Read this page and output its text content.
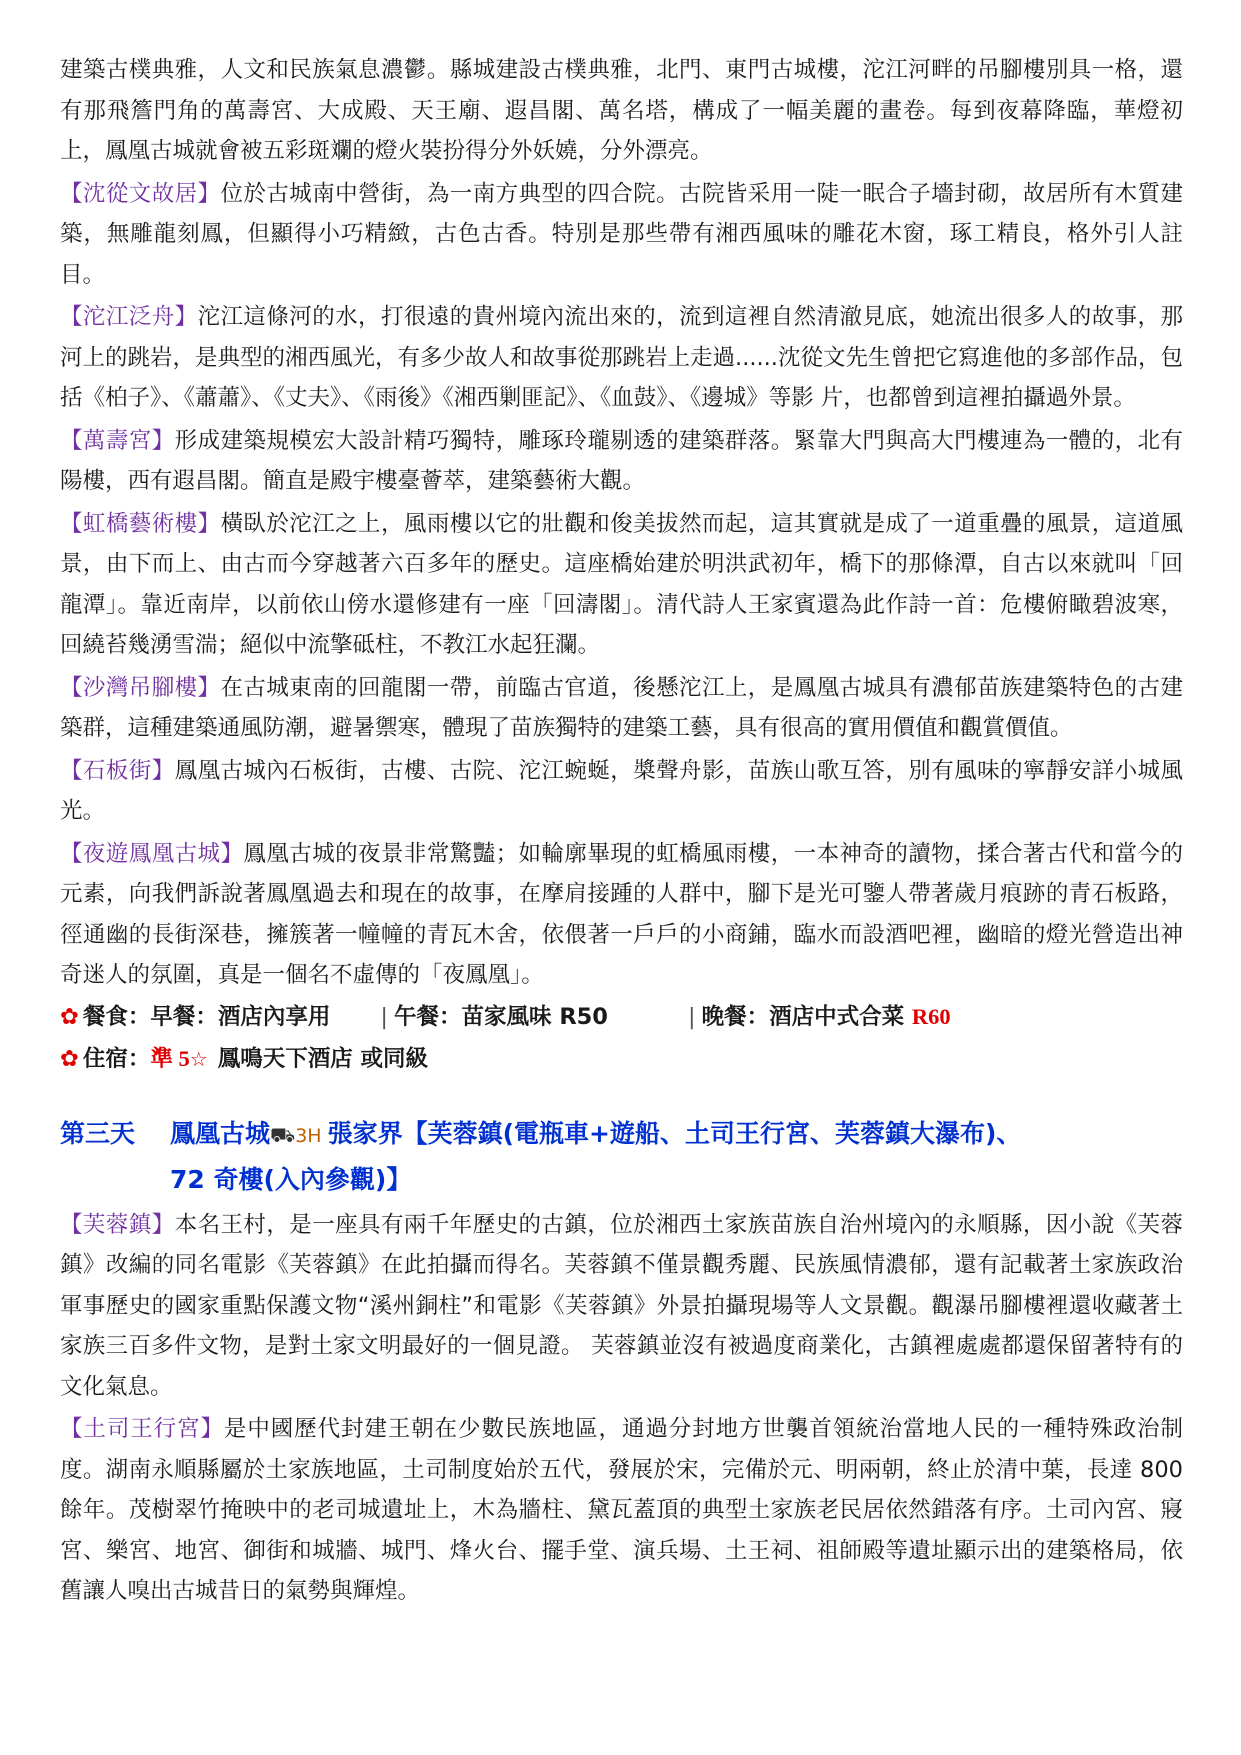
建築古樸典雅，人文和民族氣息濃鬱。縣城建設古樸典雅，北門、東門古城樓，沱江河畔的吊腳樓別具一格，還有那飛簷門角的萬壽宮、大成殿、天王廟、遐昌閣、萬名塔，構成了一幅美麗的畫卷。每到夜幕降臨，華燈初上，鳳凰古城就會被五彩斑斕的燈火裝扮得分外妖嬈，分外漂亮。

【沈從文故居】位於古城南中營街，為一南方典型的四合院。古院皆采用一陡一眠合子墻封砌，故居所有木質建築，無雕龍刻鳳，但顯得小巧精緻，古色古香。特別是那些帶有湘西風味的雕花木窗，琢工精良，格外引人註目。

【沱江泛舟】沱江這條河的水，打很遠的貴州境內流出來的，流到這裡自然清澈見底，她流出很多人的故事，那河上的跳岩，是典型的湘西風光，有多少故人和故事從那跳岩上走過......沈從文先生曾把它寫進他的多部作品，包括《柏子》、《蕭蕭》、《丈夫》、《雨後》《湘西剿匪記》、《血鼓》、《邊城》等影 片，也都曾到這裡拍攝過外景。

【萬壽宮】形成建築規模宏大設計精巧獨特，雕琢玲瓏剔透的建築群落。緊靠大門與高大門樓連為一體的，北有陽樓，西有遐昌閣。簡直是殿宇樓臺薈萃，建築藝術大觀。

【虹橋藝術樓】橫臥於沱江之上，風雨樓以它的壯觀和俊美拔然而起，這其實就是成了一道重疊的風景，這道風景，由下而上、由古而今穿越著六百多年的歷史。這座橋始建於明洪武初年，橋下的那條潭，自古以來就叫「回龍潭」。靠近南岸，以前依山傍水還修建有一座「回濤閣」。清代詩人王家賓還為此作詩一首：危樓俯瞰碧波寒，回繞苔幾湧雪湍；絕似中流擎砥柱，不教江水起狂瀾。

【沙灣吊腳樓】在古城東南的回龍閣一帶，前臨古官道，後懸沱江上，是鳳凰古城具有濃郁苗族建築特色的古建築群，這種建築通風防潮，避暑禦寒，體現了苗族獨特的建築工藝，具有很高的實用價值和觀賞價值。

【石板街】鳳凰古城內石板街，古樓、古院、沱江蜿蜒，槳聲舟影，苗族山歌互答，別有風味的寧靜安詳小城風光。

【夜遊鳳凰古城】鳳凰古城的夜景非常驚豔；如輪廓畢現的虹橋風雨樓，一本神奇的讀物，揉合著古代和當今的元素，向我們訴說著鳳凰過去和現在的故事，在摩肩接踵的人群中，腳下是光可鑒人帶著歲月痕跡的青石板路，徑通幽的長街深巷，擁簇著一幢幢的青瓦木舍，依偎著一戶戶的小商鋪，臨水而設酒吧裡，幽暗的燈光營造出神奇迷人的氛圍，真是一個名不虛傳的「夜鳳凰」。

✿ 餐食：早餐：酒店內享用 | 午餐：苗家風味 R50	| 晚餐：酒店中式合菜 R60

✿ 住宿：準 5☆ 鳳鳴天下酒店 或同級

第三天 鳳凰古城⛟3H 張家界【芙蓉鎮(電瓶車+遊船、土司王行宮、芙蓉鎮大瀑布)、
72 奇樓(入內參觀)】

【芙蓉鎮】本名王村，是一座具有兩千年歷史的古鎮，位於湘西土家族苗族自治州境內的永順縣，因小說《芙蓉鎮》改編的同名電影《芙蓉鎮》在此拍攝而得名。芙蓉鎮不僅景觀秀麗、民族風情濃郁，還有記載著土家族政治軍事歷史的國家重點保護文物“溪州銅柱”和電影《芙蓉鎮》外景拍攝現場等人文景觀。觀瀑吊腳樓裡還收藏著土家族三百多件文物，是對土家文明最好的一個見證。 芙蓉鎮並沒有被過度商業化，古鎮裡處處都還保留著特有的文化氣息。

【土司王行宮】是中國歷代封建王朝在少數民族地區，通過分封地方世襲首領統治當地人民的一種特殊政治制度。湖南永順縣屬於土家族地區，土司制度始於五代，發展於宋，完備於元、明兩朝，終止於清中葉，長達 800 餘年。茂樹翠竹掩映中的老司城遺址上，木為牆柱、黛瓦蓋頂的典型土家族老民居依然錯落有序。土司內宮、寢宮、樂宮、地宮、御街和城牆、城門、烽火台、擺手堂、演兵場、土王祠、祖師殿等遺址顯示出的建築格局，依舊讓人嗅出古城昔日的氣勢與輝煌。
